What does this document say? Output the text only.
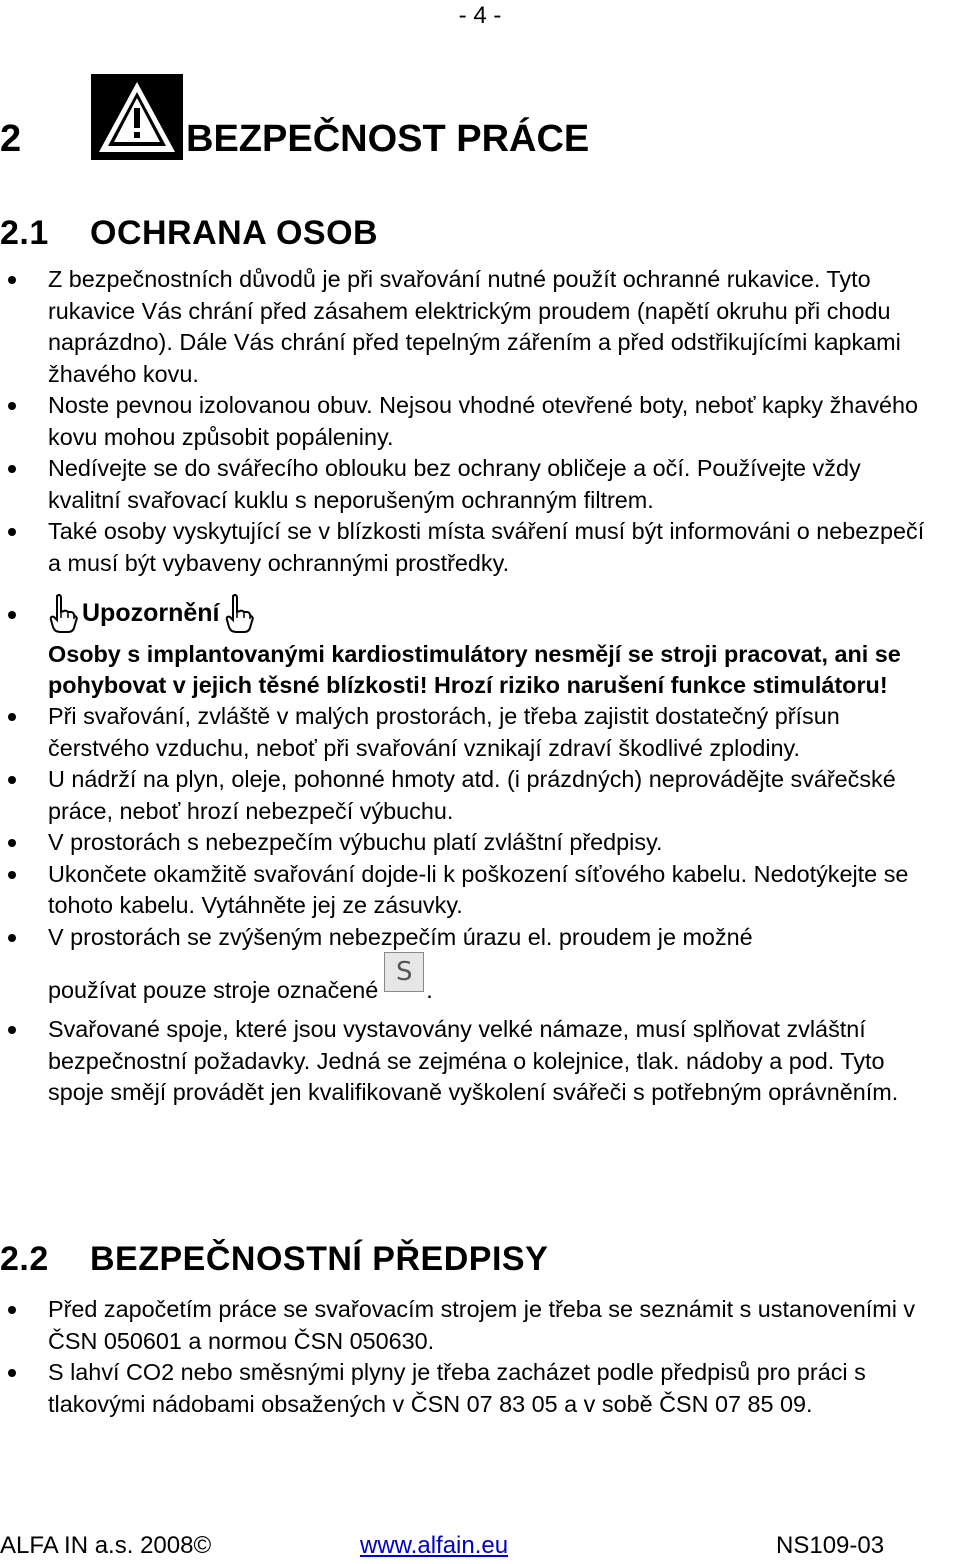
- 4 -
2	BEZPEČNOST PRÁCE
2.1 OCHRANA OSOB
Z bezpečnostních důvodů je při svařování nutné použít ochranné rukavice. Tyto rukavice Vás chrání před zásahem elektrickým proudem (napětí okruhu při chodu naprázdno). Dále Vás chrání před tepelným zářením a před odstřikujícími kapkami žhavého kovu.
Noste pevnou izolovanou obuv. Nejsou vhodné otevřené boty, neboť kapky žhavého kovu mohou způsobit popáleniny.
Nedívejte se do svářecího oblouku bez ochrany obličeje a očí. Používejte vždy kvalitní svařovací kuklu s neporušeným ochranným filtrem.
Také osoby vyskytující se v blízkosti místa sváření musí být informováni o nebezpečí a musí být vybaveny ochrannými prostředky.
Upozornění
Osoby s implantovanými kardiostimulátory nesmějí se stroji pracovat, ani se pohybovat v jejich těsné blízkosti! Hrozí riziko narušení funkce stimulátoru!
Při svařování, zvláště v malých prostorách, je třeba zajistit dostatečný přísun čerstvého vzduchu, neboť při svařování vznikají zdraví škodlivé zplodiny.
U nádrží na plyn, oleje, pohonné hmoty atd. (i prázdných) neprovádějte svářečské práce, neboť hrozí nebezpečí výbuchu.
V prostorách s nebezpečím výbuchu platí zvláštní předpisy.
Ukončete okamžitě svařování dojde-li k poškození síťového kabelu. Nedotýkejte se tohoto kabelu. Vytáhněte jej ze zásuvky.
V prostorách se zvýšeným nebezpečím úrazu el. proudem je možné
používat pouze stroje označenéS.
Svařované spoje, které jsou vystavovány velké námaze, musí splňovat zvláštní bezpečnostní požadavky. Jedná se zejména o kolejnice, tlak. nádoby a pod. Tyto spoje smějí provádět jen kvalifikovaně vyškolení svářeči s potřebným oprávněním.
2.2 BEZPEČNOSTNÍ PŘEDPISY
Před započetím práce se svařovacím strojem je třeba se seznámit s ustanoveními v ČSN 050601 a normou ČSN 050630.
S lahví CO2 nebo směsnými plyny je třeba zacházet podle předpisů pro práci s tlakovými nádobami obsažených v ČSN 07 83 05 a v sobě ČSN 07 85 09.
ALFA IN a.s. 2008©	www.alfain.eu	NS109-03
